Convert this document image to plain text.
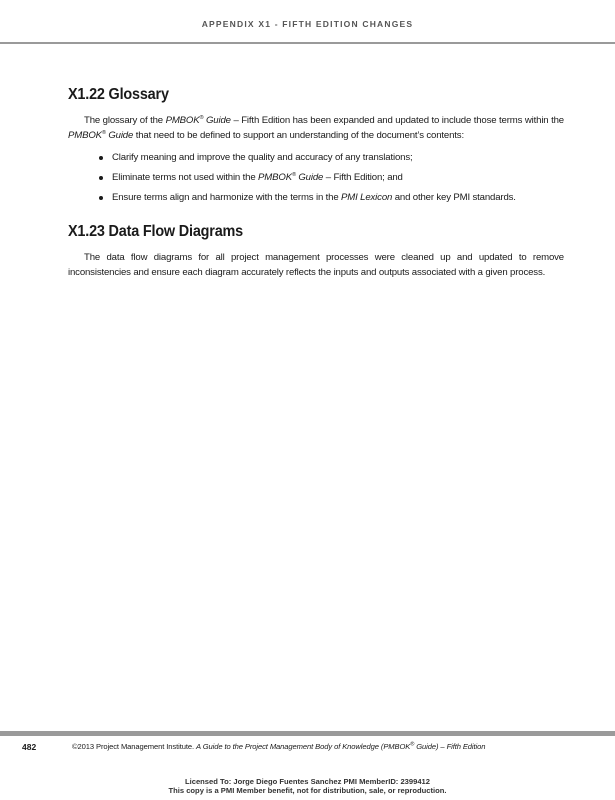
APPENDIX X1 - FIFTH EDITION CHANGES
X1.22 Glossary

The glossary of the PMBOK® Guide – Fifth Edition has been expanded and updated to include those terms within the PMBOK® Guide that need to be defined to support an understanding of the document’s contents:

Clarify meaning and improve the quality and accuracy of any translations;
Eliminate terms not used within the PMBOK® Guide – Fifth Edition; and
Ensure terms align and harmonize with the terms in the PMI Lexicon and other key PMI standards.
X1.23 Data Flow Diagrams

The data flow diagrams for all project management processes were cleaned up and updated to remove inconsistencies and ensure each diagram accurately reflects the inputs and outputs associated with a given process.

482	©2013 Project Management Institute. A Guide to the Project Management Body of Knowledge (PMBOK® Guide) – Fifth Edition
Licensed To: Jorge Diego Fuentes Sanchez PMI MemberID: 2399412
This copy is a PMI Member benefit, not for distribution, sale, or reproduction.
